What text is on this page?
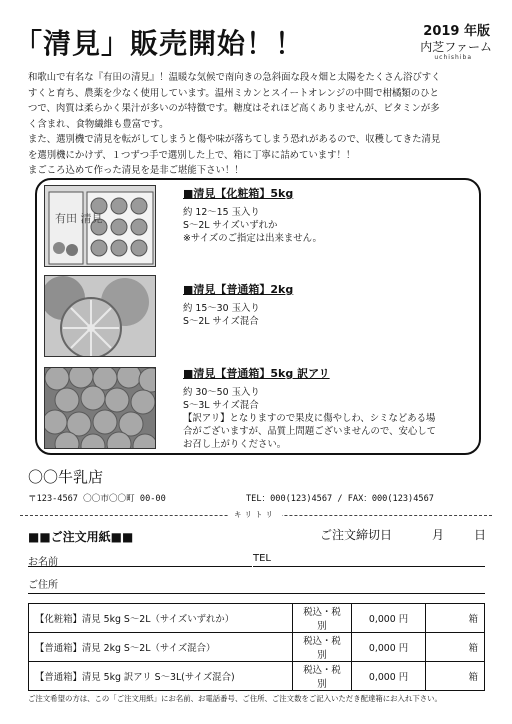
「清見」販売開始！！	2019 年版
内芝ファーム
uchishiba
和歌山で有名な『有田の清見』！温暖な気候で南向きの急斜面な段々畑と太陽をたくさん浴びすく
すくと育ち、農薬を少なく使用しています。温州ミカンとスイートオレンジの中間で柑橘類のひと
つで、肉質は柔らかく果汁が多いのが特徴です。糖度はそれほど高くありませんが、ビタミンが多
く含まれ、食物繊維も豊富です。
また、選別機で清見を転がしてしまうと傷や味が落ちてしまう恐れがあるので、収穫してきた清見
を選別機にかけず、１つずつ手で選別した上で、箱に丁寧に詰めています！！
まごころ込めて作った清見を是非ご堪能下さい！！
有田 清見
■清見【化粧箱】5kg
約 12～15 玉入り
S～2L サイズいずれか
※サイズのご指定は出来ません。
■清見【普通箱】2kg
約 15～30 玉入り
S～2L サイズ混合
■清見【普通箱】5kg 訳アリ
約 30～50 玉入り
S～3L サイズ混合
【訳アリ】となりますので果皮に傷やしわ、シミなどある場
合がございますが、品質上問題ございませんので、安心して
お召し上がりください。
〇〇牛乳店
〒123-4567 〇〇市〇〇町 00-00	TEL：000(123)4567 / FAX：000(123)4567
キリトリ
■■ご注文用紙■■	ご注文締切日	月 日
お名前	TEL
ご住所
【化粧箱】清見 5kg S～2L（サイズいずれか）	税込・税別	0,000 円	箱
【普通箱】清見 2kg S～2L（サイズ混合）	税込・税別	0,000 円	箱
【普通箱】清見 5kg 訳アリ S～3L(サイズ混合)	税込・税別	0,000 円	箱
ご注文希望の方は、この「ご注文用紙」にお名前、お電話番号、ご住所、ご注文数をご記入いただき配達箱にお入れ下さい。
